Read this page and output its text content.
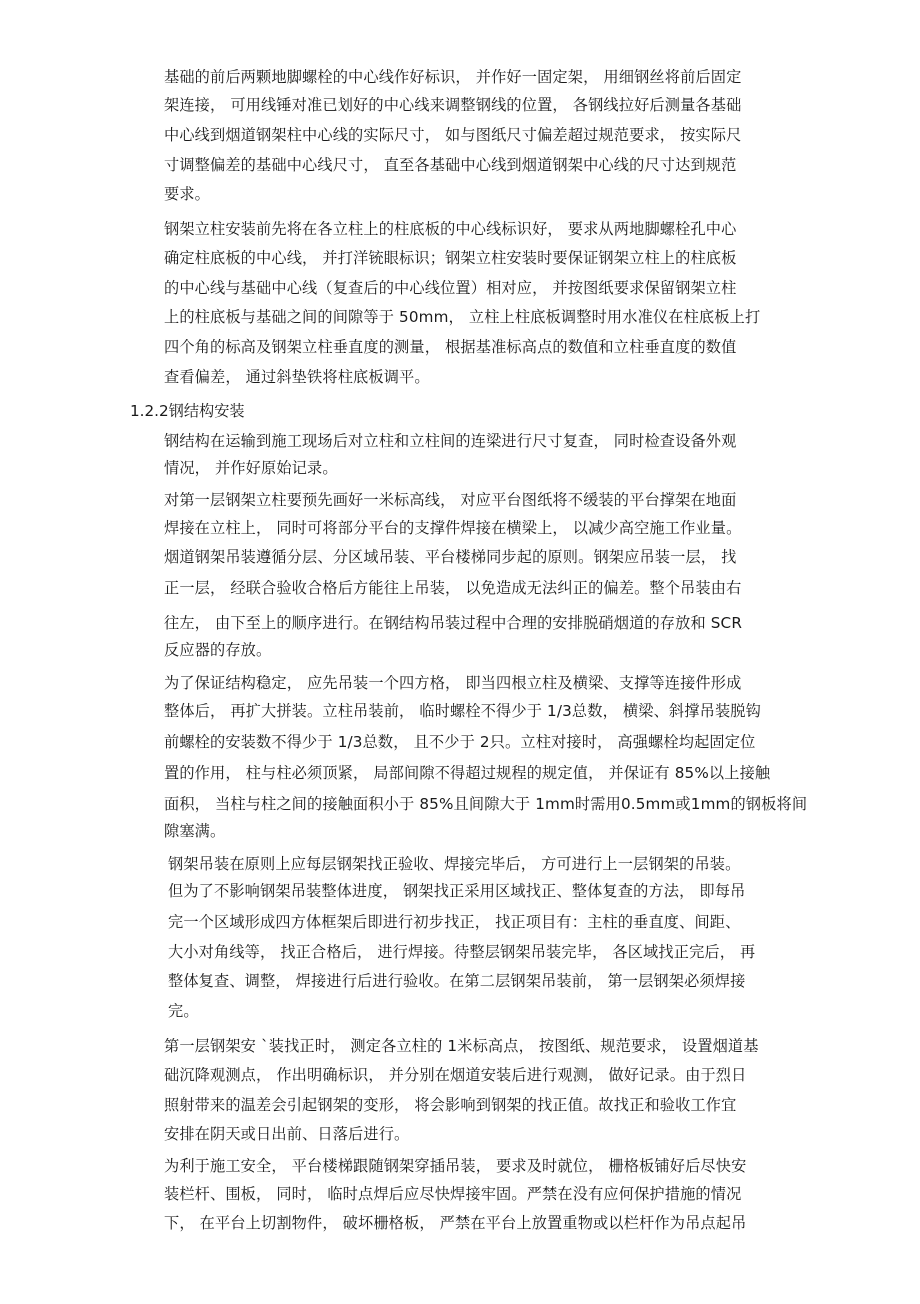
基础的前后两颗地脚螺栓的中心线作好标识， 并作好一固定架， 用细钢丝将前后固定
架连接， 可用线锤对准已划好的中心线来调整钢线的位置， 各钢线拉好后测量各基础
中心线到烟道钢架柱中心线的实际尺寸， 如与图纸尺寸偏差超过规范要求， 按实际尺
寸调整偏差的基础中心线尺寸， 直至各基础中心线到烟道钢架中心线的尺寸达到规范
要求。
钢架立柱安装前先将在各立柱上的柱底板的中心线标识好， 要求从两地脚螺栓孔中心
确定柱底板的中心线， 并打洋铳眼标识；钢架立柱安装时要保证钢架立柱上的柱底板
的中心线与基础中心线（复查后的中心线位置）相对应， 并按图纸要求保留钢架立柱
上的柱底板与基础之间的间隙等于 50mm， 立柱上柱底板调整时用水准仪在柱底板上打
四个角的标高及钢架立柱垂直度的测量， 根据基准标高点的数值和立柱垂直度的数值
查看偏差， 通过斜垫铁将柱底板调平。
1.2.2钢结构安装
钢结构在运输到施工现场后对立柱和立柱间的连梁进行尺寸复查， 同时检查设备外观
情况， 并作好原始记录。
对第一层钢架立柱要预先画好一米标高线， 对应平台图纸将不缓装的平台撑架在地面
焊接在立柱上， 同时可将部分平台的支撑件焊接在横梁上， 以减少高空施工作业量。
烟道钢架吊装遵循分层、分区域吊装、平台楼梯同步起的原则。钢架应吊装一层， 找
正一层， 经联合验收合格后方能往上吊装， 以免造成无法纠正的偏差。整个吊装由右
往左， 由下至上的顺序进行。在钢结构吊装过程中合理的安排脱硝烟道的存放和 SCR
反应器的存放。
为了保证结构稳定， 应先吊装一个四方格， 即当四根立柱及横梁、支撑等连接件形成
整体后， 再扩大拼装。立柱吊装前， 临时螺栓不得少于 1/3总数， 横梁、斜撑吊装脱钩
前螺栓的安装数不得少于 1/3总数， 且不少于 2只。立柱对接时， 高强螺栓均起固定位
置的作用， 柱与柱必须顶紧， 局部间隙不得超过规程的规定值， 并保证有 85%以上接触
面积， 当柱与柱之间的接触面积小于 85%且间隙大于 1mm时需用0.5mm或1mm的钢板将间
隙塞满。
钢架吊装在原则上应每层钢架找正验收、焊接完毕后， 方可进行上一层钢架的吊装。
但为了不影响钢架吊装整体进度， 钢架找正采用区域找正、整体复查的方法， 即每吊
完一个区域形成四方体框架后即进行初步找正， 找正项目有：主柱的垂直度、间距、
大小对角线等， 找正合格后， 进行焊接。待整层钢架吊装完毕， 各区域找正完后， 再
整体复查、调整， 焊接进行后进行验收。在第二层钢架吊装前， 第一层钢架必须焊接
完。
第一层钢架安 `装找正时， 测定各立柱的 1米标高点， 按图纸、规范要求， 设置烟道基
础沉降观测点， 作出明确标识， 并分别在烟道安装后进行观测， 做好记录。由于烈日
照射带来的温差会引起钢架的变形， 将会影响到钢架的找正值。故找正和验收工作宜
安排在阴天或日出前、日落后进行。
为利于施工安全， 平台楼梯跟随钢架穿插吊装， 要求及时就位， 栅格板铺好后尽快安
装栏杆、围板， 同时， 临时点焊后应尽快焊接牢固。严禁在没有应何保护措施的情况
下， 在平台上切割物件， 破坏栅格板， 严禁在平台上放置重物或以栏杆作为吊点起吊
